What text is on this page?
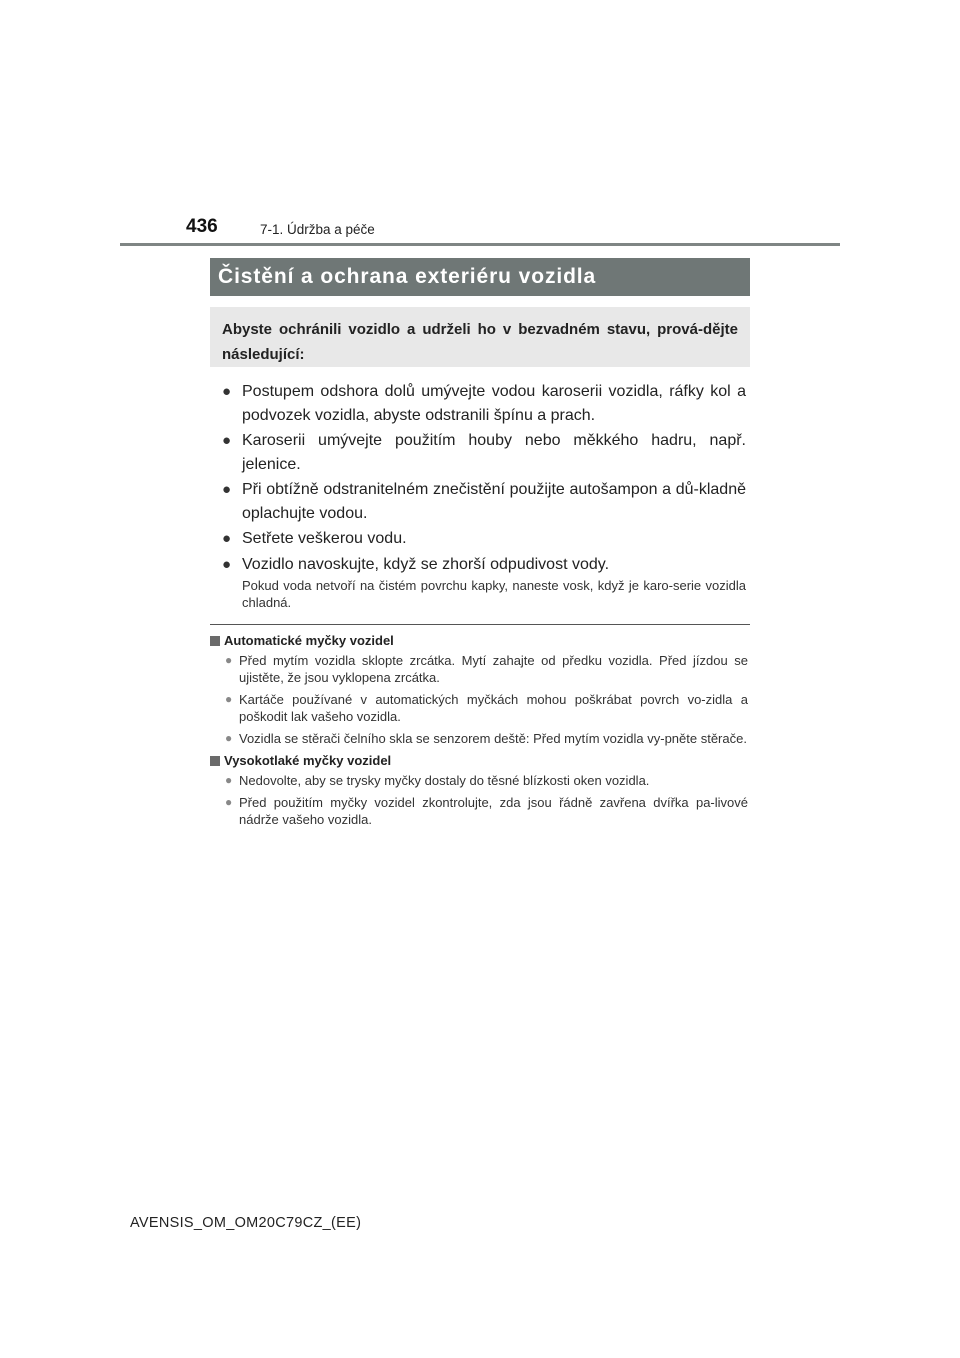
436	7-1. Údržba a péče
Čistění a ochrana exteriéru vozidla
Abyste ochránili vozidlo a udrželi ho v bezvadném stavu, prová-dějte následující:
● Postupem odshora dolů umývejte vodou karoserii vozidla, ráfky kol a podvozek vozidla, abyste odstranili špínu a prach.
● Karoserii umývejte použitím houby nebo měkkého hadru, např. jelenice.
● Při obtížně odstranitelném znečistění použijte autošampon a dů-kladně oplachujte vodou.
● Setřete veškerou vodu.
● Vozidlo navoskujte, když se zhorší odpudivost vody.
Pokud voda netvoří na čistém povrchu kapky, naneste vosk, když je karo-serie vozidla chladná.
Automatické myčky vozidel
● Před mytím vozidla sklopte zrcátka. Mytí zahajte od předku vozidla. Před jízdou se ujistěte, že jsou vyklopena zrcátka.
● Kartáče používané v automatických myčkách mohou poškrábat povrch vo-zidla a poškodit lak vašeho vozidla.
● Vozidla se stěrači čelního skla se senzorem deště: Před mytím vozidla vy-pněte stěrače.
Vysokotlaké myčky vozidel
● Nedovolte, aby se trysky myčky dostaly do těsné blízkosti oken vozidla.
● Před použitím myčky vozidel zkontrolujte, zda jsou řádně zavřena dvířka pa-livové nádrže vašeho vozidla.
AVENSIS_OM_OM20C79CZ_(EE)
